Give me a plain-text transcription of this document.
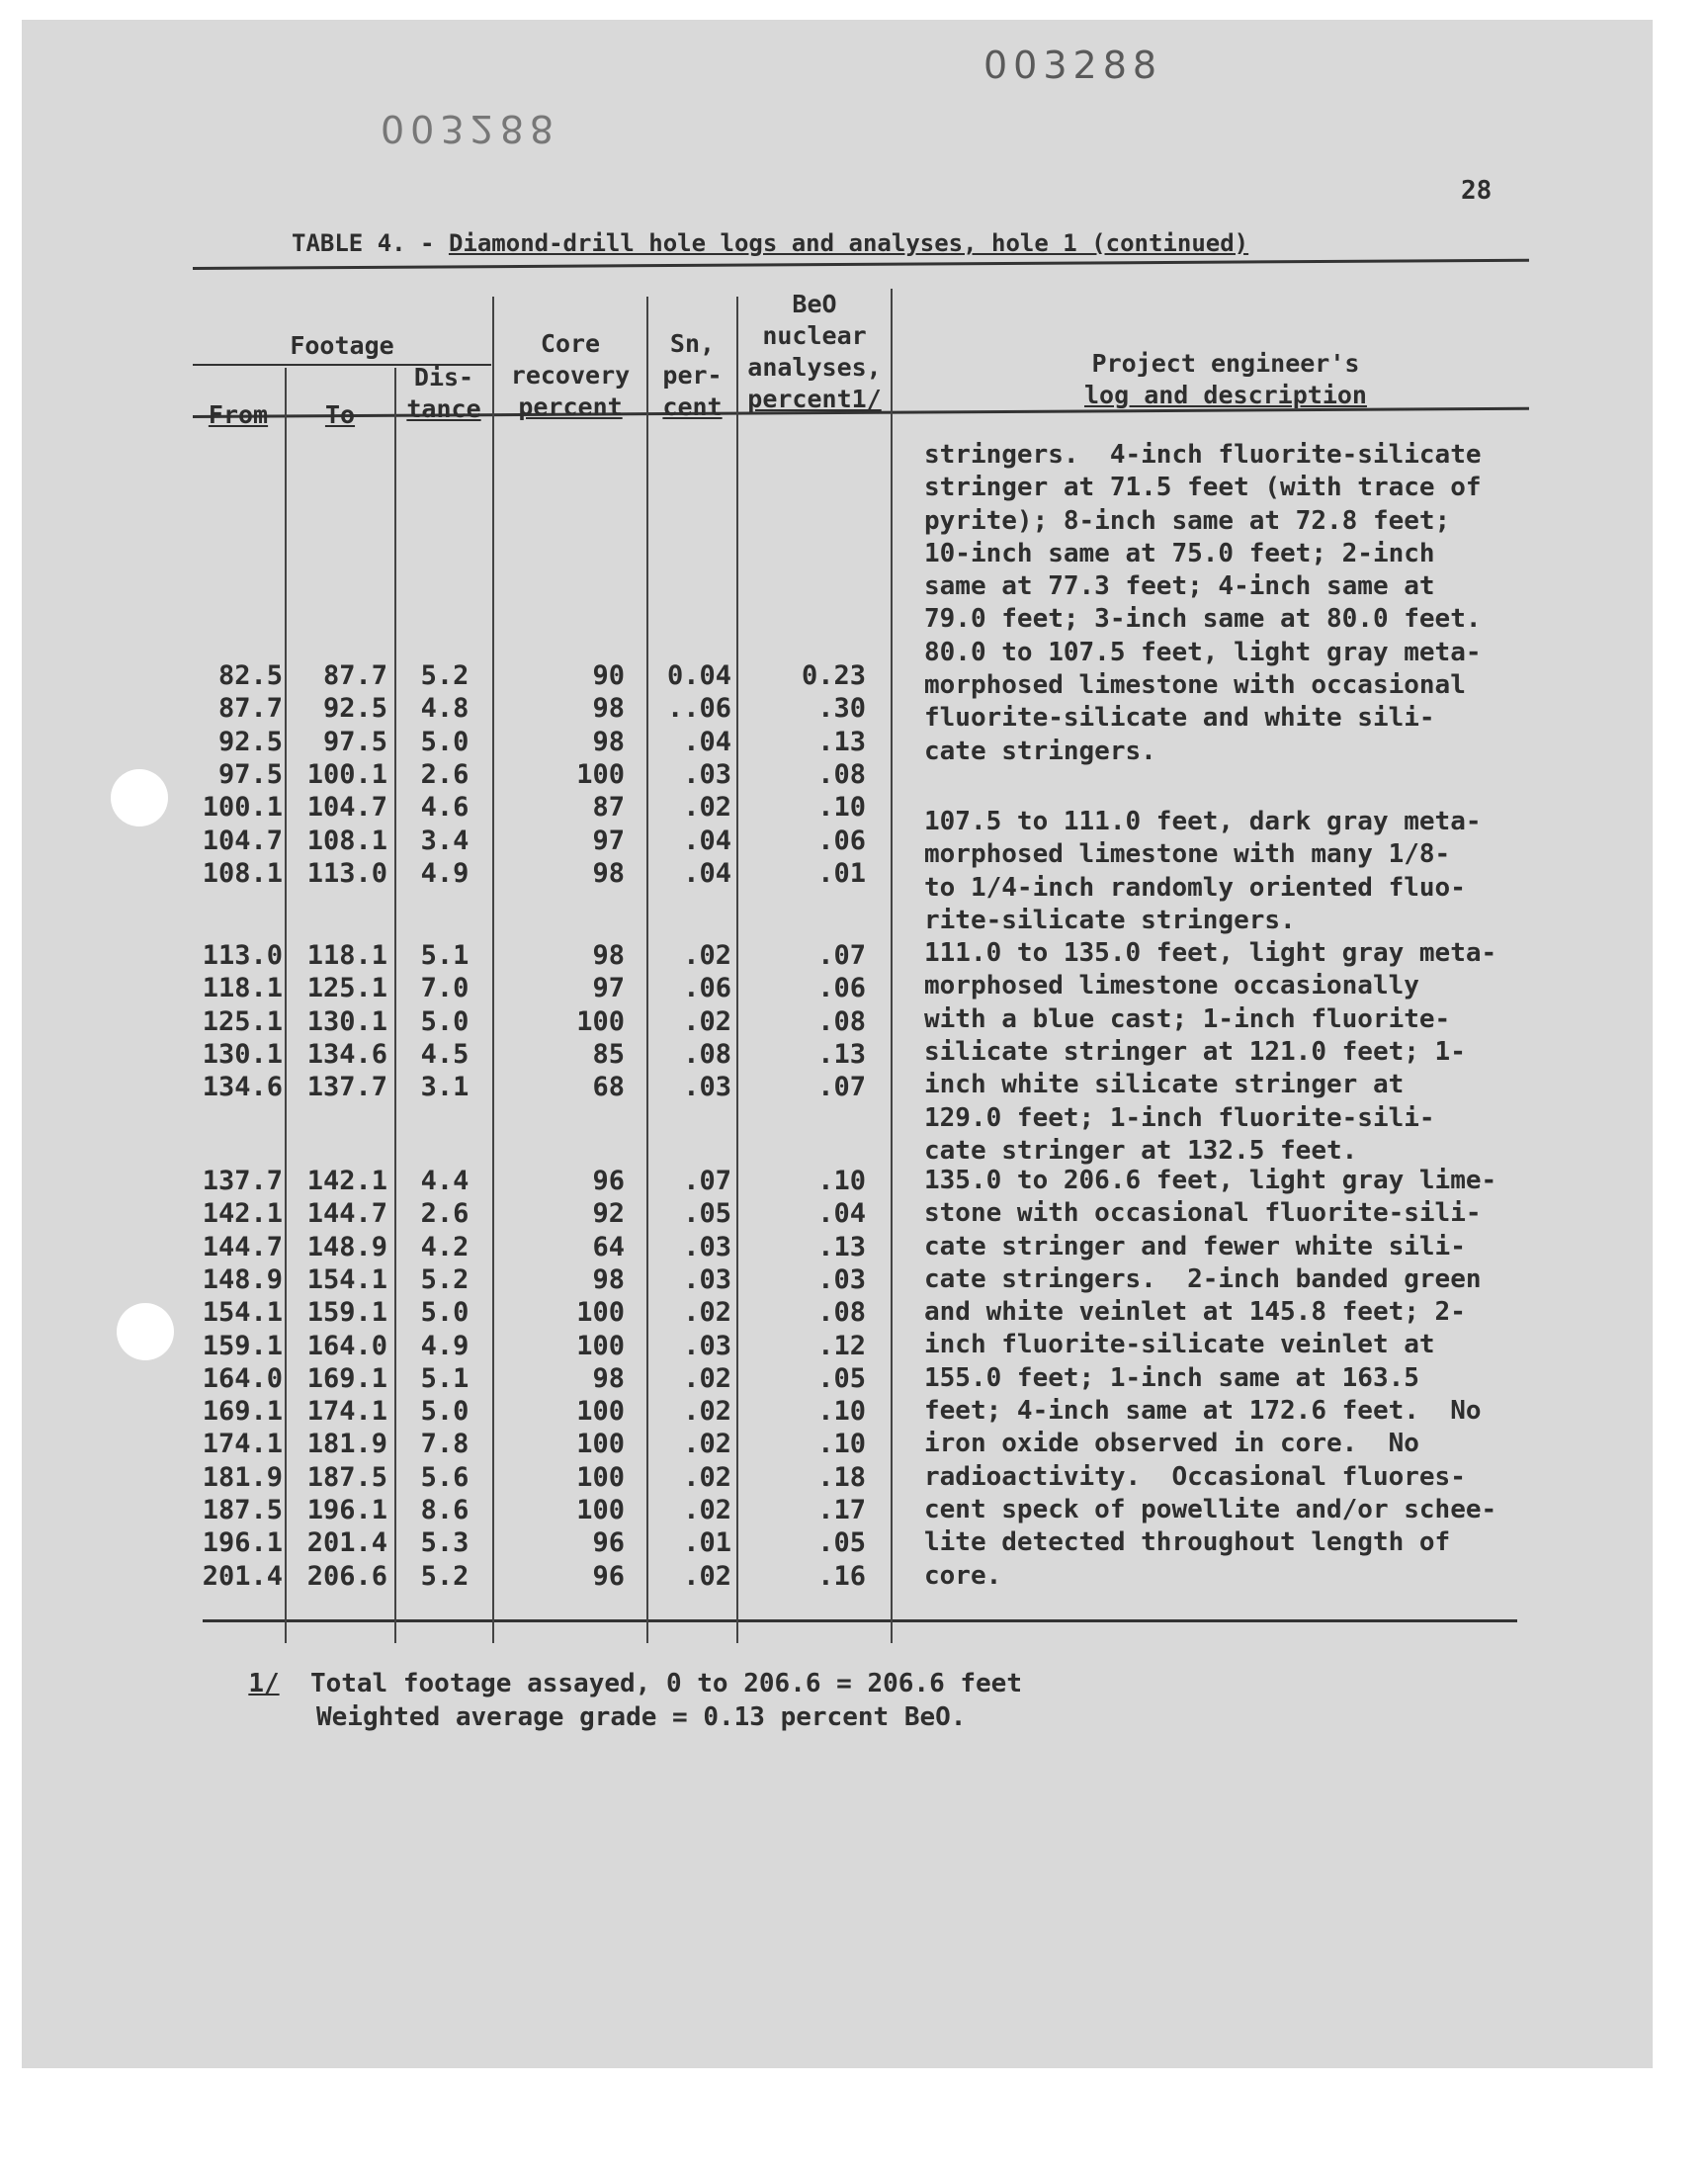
003288
003288
28
TABLE 4. - Diamond-drill hole logs and analyses, hole 1 (continued)
Footage
From	To
Dis-
tance
Core
recovery
percent
Sn,
per-
cent
BeO
nuclear
analyses,
percent1/
Project engineer's
log and description
82.5
87.7
92.5
97.5
100.1
104.7
108.1
113.0
118.1
125.1
130.1
134.6
137.7
142.1
144.7
148.9
154.1
159.1
164.0
169.1
174.1
181.9
187.5
196.1
201.4
87.7
92.5
97.5
100.1
104.7
108.1
113.0
118.1
125.1
130.1
134.6
137.7
142.1
144.7
148.9
154.1
159.1
164.0
169.1
174.1
181.9
187.5
196.1
201.4
206.6
5.2
4.8
5.0
2.6
4.6
3.4
4.9
5.1
7.0
5.0
4.5
3.1
4.4
2.6
4.2
5.2
5.0
4.9
5.1
5.0
7.8
5.6
8.6
5.3
5.2
90
98
98
100
87
97
98
98
97
100
85
68
96
92
64
98
100
100
98
100
100
100
100
96
96
0.04
..06
.04
.03
.02
.04
.04
.02
.06
.02
.08
.03
.07
.05
.03
.03
.02
.03
.02
.02
.02
.02
.02
.01
.02
0.23
.30
.13
.08
.10
.06
.01
.07
.06
.08
.13
.07
.10
.04
.13
.03
.08
.12
.05
.10
.10
.18
.17
.05
.16
stringers.  4-inch fluorite-silicate
stringer at 71.5 feet (with trace of
pyrite); 8-inch same at 72.8 feet;
10-inch same at 75.0 feet; 2-inch
same at 77.3 feet; 4-inch same at
79.0 feet; 3-inch same at 80.0 feet.
80.0 to 107.5 feet, light gray meta-
morphosed limestone with occasional
fluorite-silicate and white sili-
cate stringers.
107.5 to 111.0 feet, dark gray meta-
morphosed limestone with many 1/8-
to 1/4-inch randomly oriented fluo-
rite-silicate stringers.
111.0 to 135.0 feet, light gray meta-
morphosed limestone occasionally
with a blue cast; 1-inch fluorite-
silicate stringer at 121.0 feet; 1-
inch white silicate stringer at
129.0 feet; 1-inch fluorite-sili-
cate stringer at 132.5 feet.
135.0 to 206.6 feet, light gray lime-
stone with occasional fluorite-sili-
cate stringer and fewer white sili-
cate stringers.  2-inch banded green
and white veinlet at 145.8 feet; 2-
inch fluorite-silicate veinlet at
155.0 feet; 1-inch same at 163.5
feet; 4-inch same at 172.6 feet.  No
iron oxide observed in core.  No
radioactivity.  Occasional fluores-
cent speck of powellite and/or schee-
lite detected throughout length of
core.

1/ Total footage assayed, 0 to 206.6 = 206.6 feet
Weighted average grade = 0.13 percent BeO.
